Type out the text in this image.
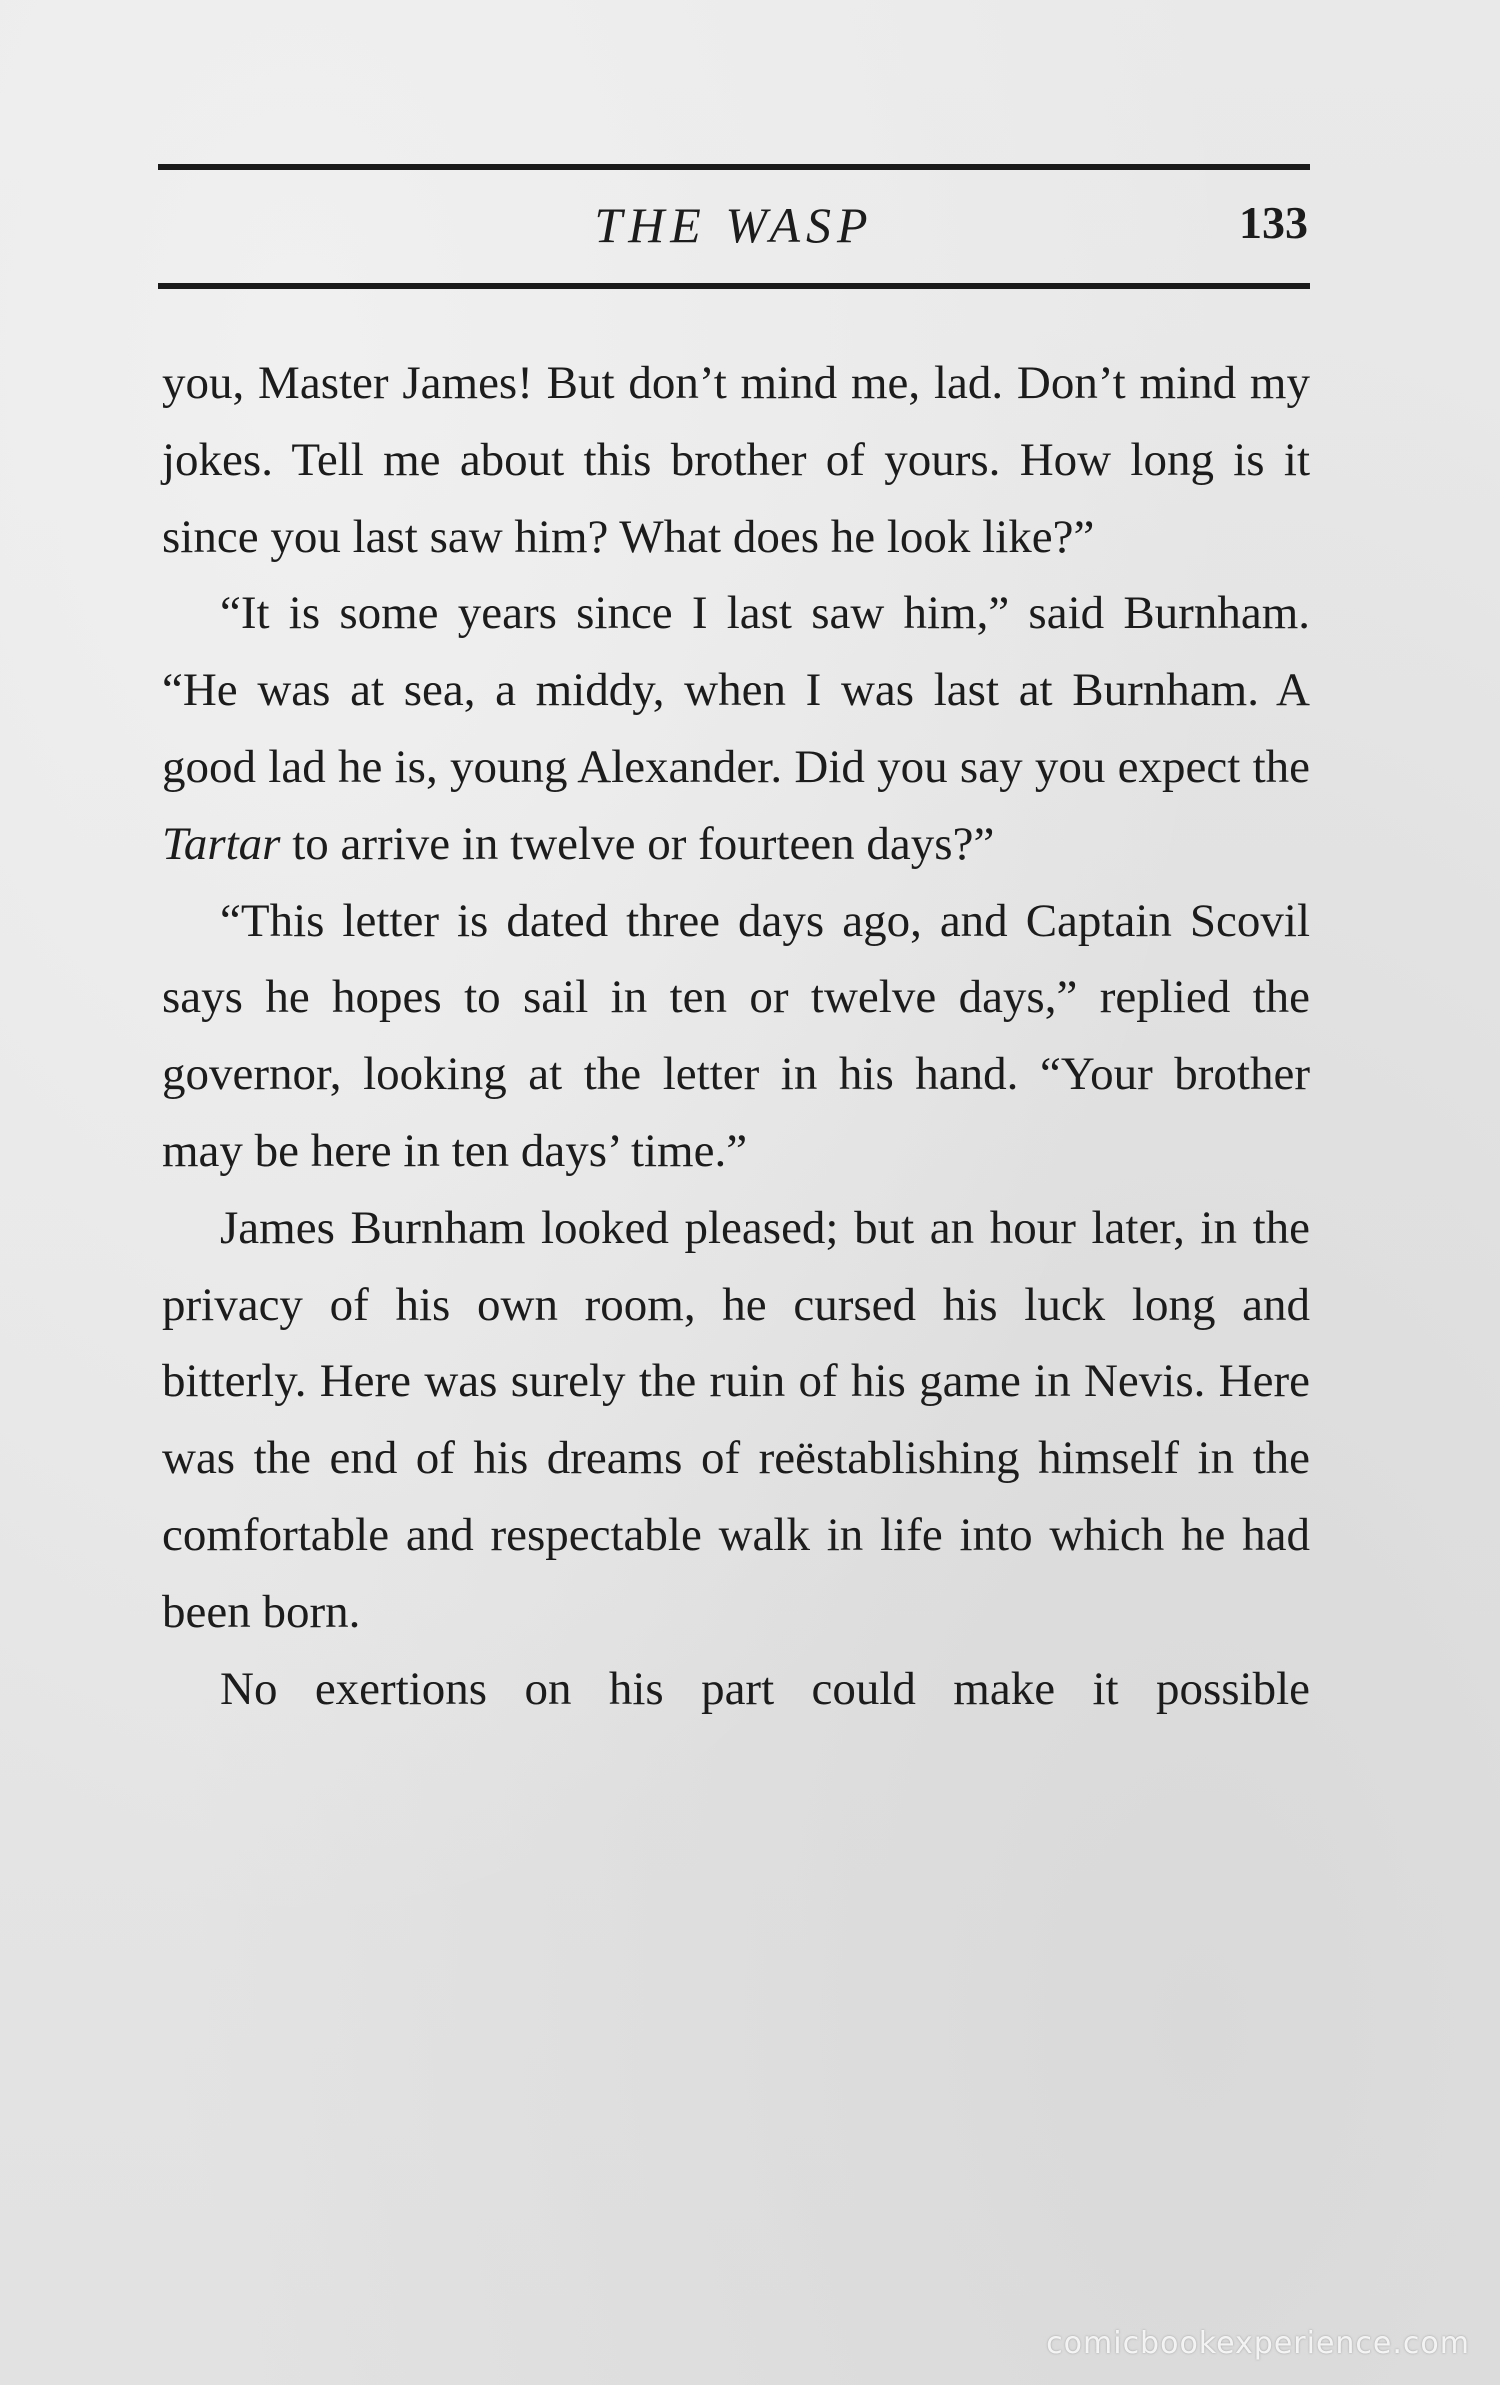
THE WASP	133

you, Master James! But don’t mind me, lad. Don’t mind my jokes. Tell me about this brother of yours. How long is it since you last saw him? What does he look like?”

“It is some years since I last saw him,” said Burnham. “He was at sea, a middy, when I was last at Burnham. A good lad he is, young Alexander. Did you say you expect the Tartar to arrive in twelve or fourteen days?”

“This letter is dated three days ago, and Captain Scovil says he hopes to sail in ten or twelve days,” replied the governor, looking at the letter in his hand. “Your brother may be here in ten days’ time.”

James Burnham looked pleased; but an hour later, in the privacy of his own room, he cursed his luck long and bitterly. Here was surely the ruin of his game in Nevis. Here was the end of his dreams of reëstablishing himself in the comfortable and respectable walk in life into which he had been born.

No exertions on his part could make it possible

comicbookexperience.com
